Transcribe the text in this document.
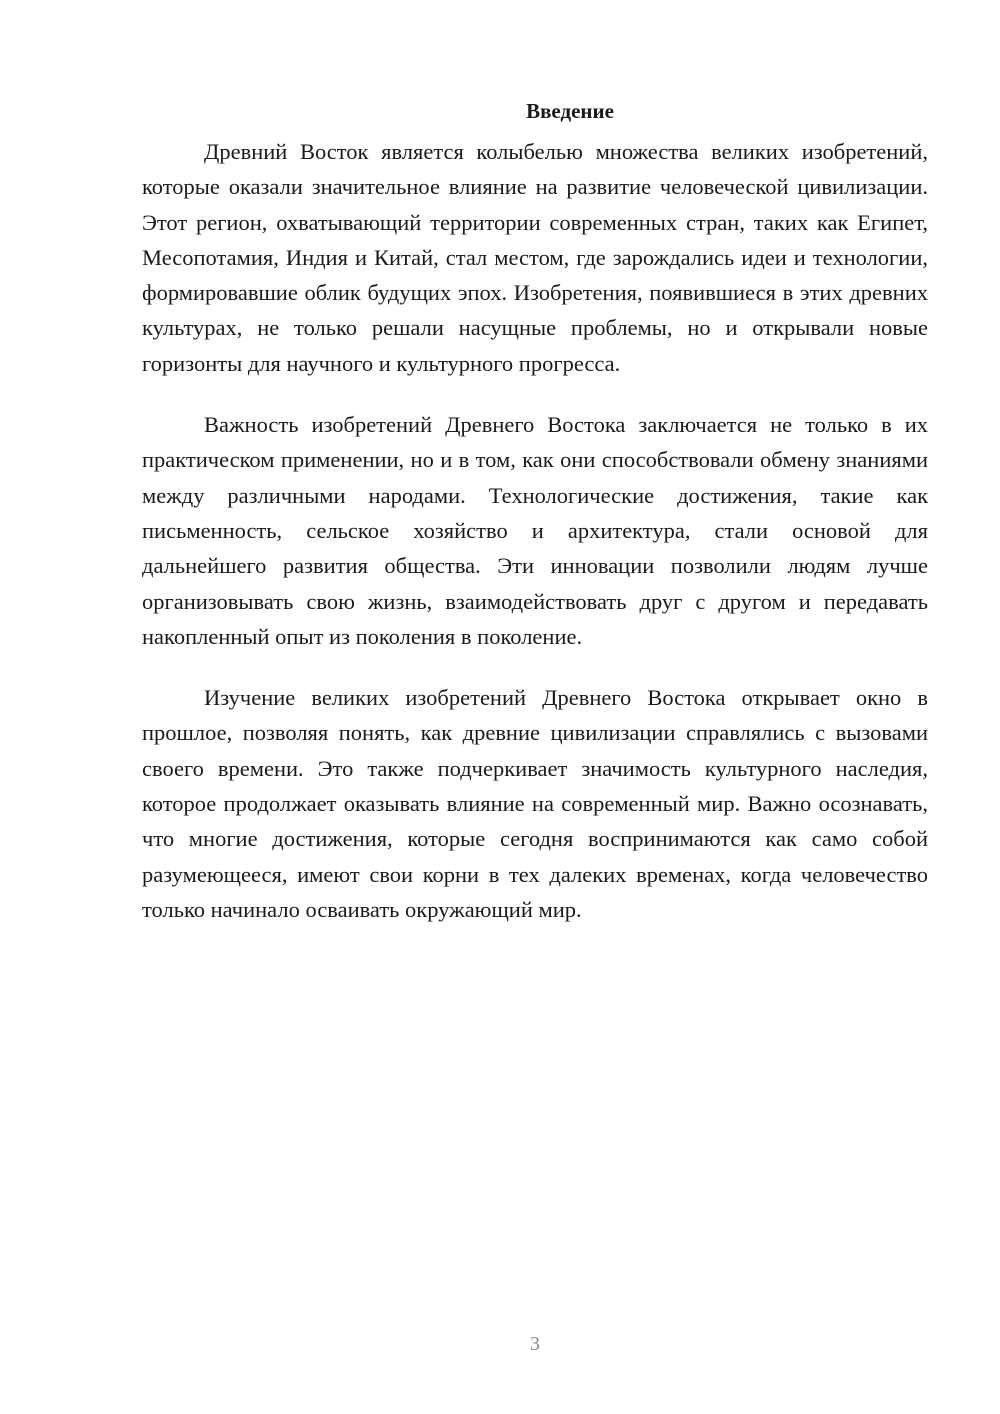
Введение

Древний Восток является колыбелью множества великих изобретений, которые оказали значительное влияние на развитие человеческой цивилизации. Этот регион, охватывающий территории современных стран, таких как Египет, Месопотамия, Индия и Китай, стал местом, где зарождались идеи и технологии, формировавшие облик будущих эпох. Изобретения, появившиеся в этих древних культурах, не только решали насущные проблемы, но и открывали новые горизонты для научного и культурного прогресса.

Важность изобретений Древнего Востока заключается не только в их практическом применении, но и в том, как они способствовали обмену знаниями между различными народами. Технологические достижения, такие как письменность, сельское хозяйство и архитектура, стали основой для дальнейшего развития общества. Эти инновации позволили людям лучше организовывать свою жизнь, взаимодействовать друг с другом и передавать накопленный опыт из поколения в поколение.

Изучение великих изобретений Древнего Востока открывает окно в прошлое, позволяя понять, как древние цивилизации справлялись с вызовами своего времени. Это также подчеркивает значимость культурного наследия, которое продолжает оказывать влияние на современный мир. Важно осознавать, что многие достижения, которые сегодня воспринимаются как само собой разумеющееся, имеют свои корни в тех далеких временах, когда человечество только начинало осваивать окружающий мир.

3
